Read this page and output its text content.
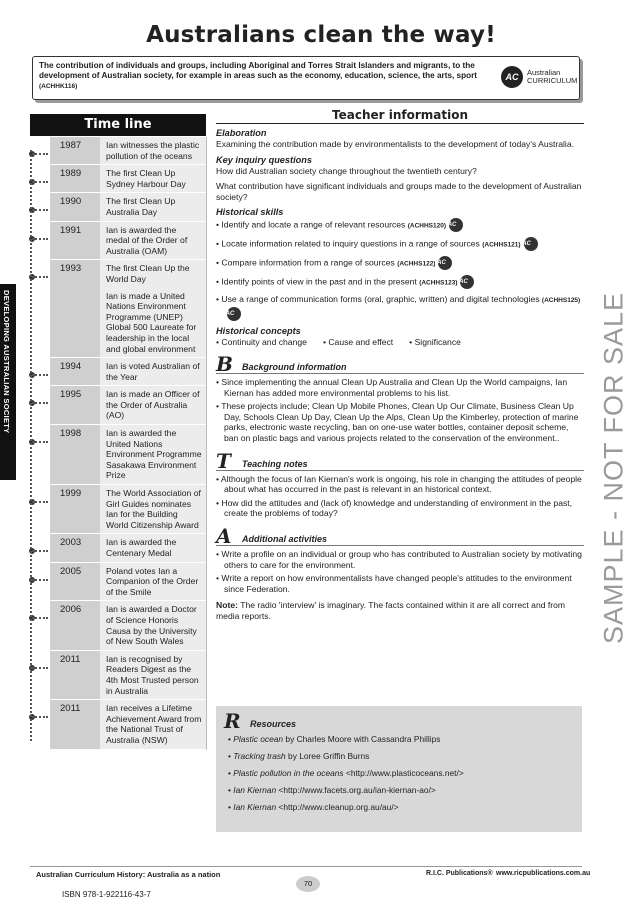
Australians clean the way!
The contribution of individuals and groups, including Aboriginal and Torres Strait Islanders and migrants, to the development of Australian society, for example in areas such as the economy, education, science, the arts, sport
(ACHHK116)
AC	Australian
CURRICULUM
DEVELOPING AUSTRALIAN SOCIETY	SAMPLE - NOT FOR SALE
Time line
1987	Ian witnesses the plastic pollution of the oceans

1989	The first Clean Up Sydney Harbour Day

1990	The first Clean Up Australia Day

1991	Ian is awarded the medal of the Order of Australia (OAM)

1993	The first Clean Up the World Day

Ian is made a United Nations Environment Programme (UNEP) Global 500 Laureate for leadership in the local and global environment

1994	Ian is voted Australian of the Year

1995	Ian is made an Officer of the Order of Australia (AO)

1998	Ian is awarded the United Nations Environment Programme Sasakawa Environment Prize

1999	The World Association of Girl Guides nominates Ian for the Building World Citizenship Award

2003	Ian is awarded the Centenary Medal

2005	Poland votes Ian a Companion of the Order of the Smile

2006	Ian is awarded a Doctor of Science Honoris Causa by the University of New South Wales

2011	Ian is recognised by Readers Digest as the 4th Most Trusted person in Australia

2011	Ian receives a Lifetime Achievement Award from the National Trust of Australia (NSW)

Teacher information
Elaboration
Examining the contribution made by environmentalists to the development of today's Australia.
Key inquiry questions
How did Australian society change throughout the twentieth century?
What contribution have significant individuals and groups made to the development of Australian society?
Historical skills
• Identify and locate a range of relevant resources (ACHHS120) AC
• Locate information related to inquiry questions in a range of sources (ACHHS121) AC
• Compare information from a range of sources (ACHHS122) AC
• Identify points of view in the past and in the present (ACHHS123) AC
• Use a range of communication forms (oral, graphic, written) and digital technologies (ACHHS125)AC
Historical concepts
• Continuity and change • Cause and effect • Significance
B	Background information
• Since implementing the annual Clean Up Australia and Clean Up the World campaigns, Ian Kiernan has added more environmental problems to his list.
• These projects include; Clean Up Mobile Phones, Clean Up Our Climate, Business Clean Up Day, Schools Clean Up Day, Clean Up the Alps, Clean Up the Kimberley, protection of marine parks, electronic waste recycling, ban on one-use water bottles, container deposit scheme, ban on plastic bags and various projects related to the conservation of the environment..
T	Teaching notes
• Although the focus of Ian Kiernan's work is ongoing, his role in changing the attitudes of people about what has occurred in the past is relevant in an historical context.
• How did the attitudes and (lack of) knowledge and understanding of environment in the past, create the problems of today?
A	Additional activities
• Write a profile on an individual or group who has contributed to Australian society by motivating others to care for the environment.
• Write a report on how environmentalists have changed people's attitudes to the environment since Federation.
Note: The radio 'interview' is imaginary. The facts contained within it are all correct and from media reports.
R	Resources
• Plastic ocean by Charles Moore with Cassandra Phillips
• Tracking trash by Loree Griffin Burns
• Plastic pollution in the oceans <http://www.plasticoceans.net/>
• Ian Kiernan <http://www.facets.org.au/ian-kiernan-ao/>
• Ian Kiernan <http://www.cleanup.org.au/au/>
Australian Curriculum History: Australia as a nation	R.I.C. Publications® www.ricpublications.com.au
70
ISBN 978-1-922116-43-7
